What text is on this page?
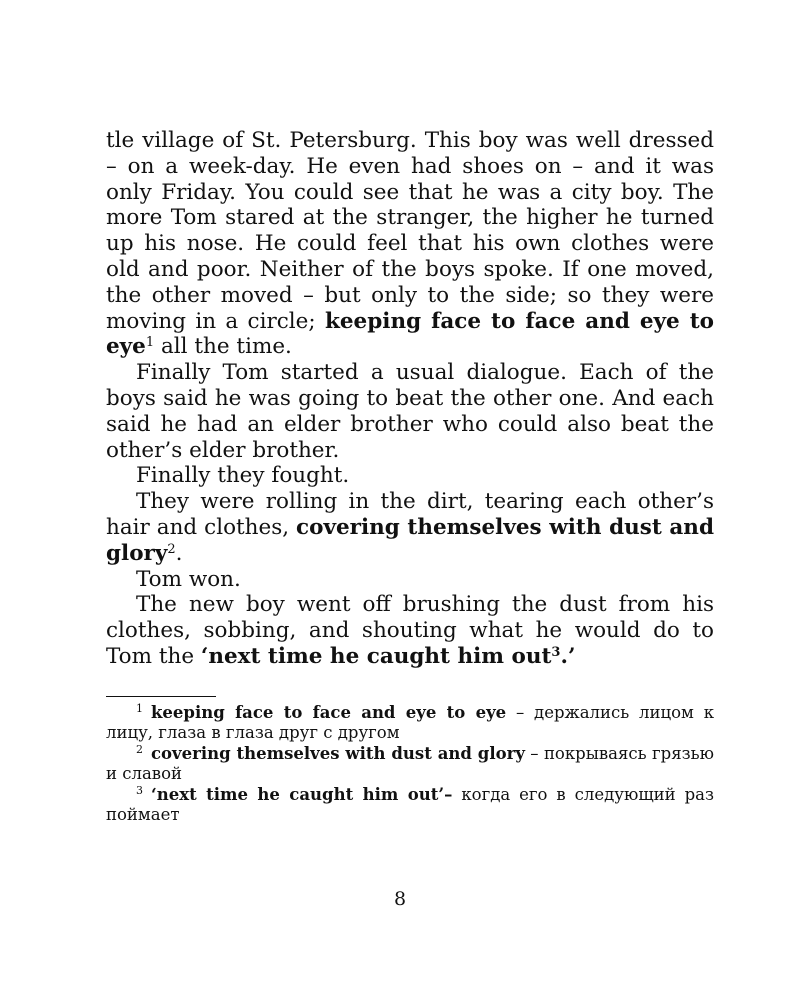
tle village of St. Petersburg. This boy was well dressed – on a week-day. He even had shoes on – and it was only Friday. You could see that he was a city boy. The more Tom stared at the stranger, the higher he turned up his nose. He could feel that his own clothes were old and poor. Neither of the boys spoke. If one moved, the other moved – but only to the side; so they were moving in a circle; keeping face to face and eye to eye$^1$ all the time.

Finally Tom started a usual dialogue. Each of the boys said he was going to beat the other one. And each said he had an elder brother who could also beat the other’s elder brother.

Finally they fought.

They were rolling in the dirt, tearing each other’s hair and clothes, covering themselves with dust and glory$^2$.

Tom won.

The new boy went off brushing the dust from his clothes, sobbing, and shouting what he would do to Tom the ‘next time he caught him out$^3$.’

$^1$ keeping face to face and eye to eye – держались лицом к лицу, глаза в глаза друг с другом

$^2$ covering themselves with dust and glory – покрываясь грязью и славой

$^3$ ‘next time he caught him out’– когда его в следующий раз поймает

8
